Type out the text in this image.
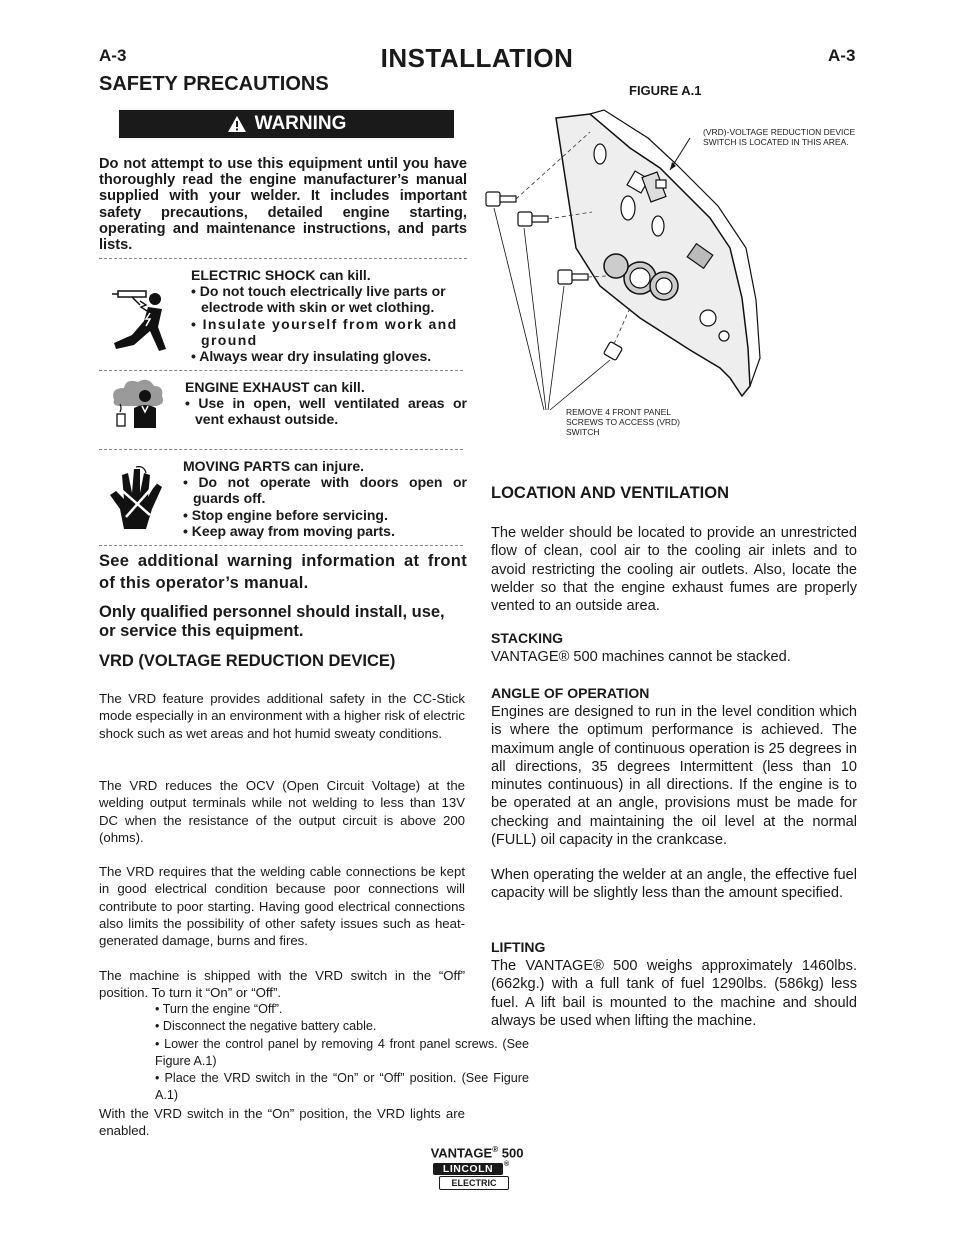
A-3	INSTALLATION	A-3
SAFETY PRECAUTIONS
WARNING
Do not attempt to use this equipment until you have thoroughly read the engine manufacturer’s manual supplied with your welder. It includes important safety precautions, detailed engine starting, operating and maintenance instructions, and parts lists.

ELECTRIC SHOCK can kill.

• Do not touch electrically live parts or electrode with skin or wet clothing.

• Insulate yourself from work and ground

• Always wear dry insulating gloves.

ENGINE EXHAUST can kill.

• Use in open, well ventilated areas or vent exhaust outside.

MOVING PARTS can injure.

• Do not operate with doors open or guards off.

• Stop engine before servicing.

• Keep away from moving parts.

See additional warning information at front of this operator’s manual.
Only qualified personnel should install, use, or service this equipment.
VRD (VOLTAGE REDUCTION DEVICE)
The VRD feature provides additional safety in the CC-Stick mode especially in an environment with a higher risk of electric shock such as wet areas and hot humid sweaty conditions.
The VRD reduces the OCV (Open Circuit Voltage) at the welding output terminals while not welding to less than 13V DC when the resistance of the output circuit is above 200 (ohms).
The VRD requires that the welding cable connections be kept in good electrical condition because poor connections will contribute to poor starting. Having good electrical connections also limits the possibility of other safety issues such as heat-generated damage, burns and fires.
The machine is shipped with the VRD switch in the “Off” position. To turn it “On” or “Off”.

• Turn the engine “Off”.

• Disconnect the negative battery cable.

• Lower the control panel by removing 4 front panel screws. (See Figure A.1)

• Place the VRD switch in the “On” or “Off” position. (See Figure A.1)

With the VRD switch in the “On” position, the VRD lights are enabled.
FIGURE A.1
(VRD)-VOLTAGE REDUCTION DEVICE SWITCH IS LOCATED IN THIS AREA.
REMOVE 4 FRONT PANEL SCREWS TO ACCESS (VRD) SWITCH
LOCATION AND VENTILATION
The welder should be located to provide an unrestricted flow of clean, cool air to the cooling air inlets and to avoid restricting the cooling air outlets. Also, locate the welder so that the engine exhaust fumes are properly vented to an outside area.
STACKING
VANTAGE® 500 machines cannot be stacked.
ANGLE OF OPERATION
Engines are designed to run in the level condition which is where the optimum performance is achieved. The maximum angle of continuous operation is 25 degrees in all directions, 35 degrees Intermittent (less than 10 minutes continuous) in all directions. If the engine is to be operated at an angle, provisions must be made for checking and maintaining the oil level at the normal (FULL) oil capacity in the crankcase.
When operating the welder at an angle, the effective fuel capacity will be slightly less than the amount specified.
LIFTING
The VANTAGE® 500 weighs approximately 1460lbs. (662kg.) with a full tank of fuel 1290lbs. (586kg) less fuel. A lift bail is mounted to the machine and should always be used when lifting the machine.
VANTAGE® 500
LINCOLN	®
ELECTRIC
